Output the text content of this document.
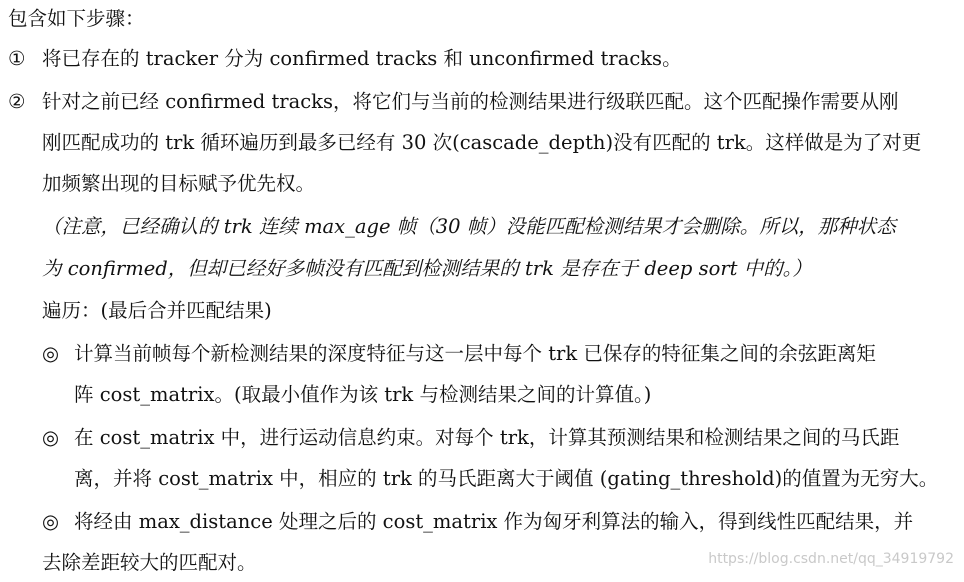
包含如下步骤：
① 将已存在的 tracker 分为 confirmed tracks 和 unconfirmed tracks。
② 针对之前已经 confirmed tracks，将它们与当前的检测结果进行级联匹配。这个匹配操作需要从刚
刚匹配成功的 trk 循环遍历到最多已经有 30 次(cascade_depth)没有匹配的 trk。这样做是为了对更
加频繁出现的目标赋予优先权。
（注意，已经确认的 trk 连续 max_age 帧（30 帧）没能匹配检测结果才会删除。所以，那种状态
为 confirmed，但却已经好多帧没有匹配到检测结果的 trk 是存在于 deep sort 中的。）
遍历：(最后合并匹配结果)
◎ 计算当前帧每个新检测结果的深度特征与这一层中每个 trk 已保存的特征集之间的余弦距离矩
阵 cost_matrix。(取最小值作为该 trk 与检测结果之间的计算值。)
◎ 在 cost_matrix 中，进行运动信息约束。对每个 trk，计算其预测结果和检测结果之间的马氏距
离，并将 cost_matrix 中，相应的 trk 的马氏距离大于阈值 (gating_threshold)的值置为无穷大。
◎ 将经由 max_distance 处理之后的 cost_matrix 作为匈牙利算法的输入，得到线性匹配结果，并
去除差距较大的匹配对。	https://blog.csdn.net/qq_34919792
